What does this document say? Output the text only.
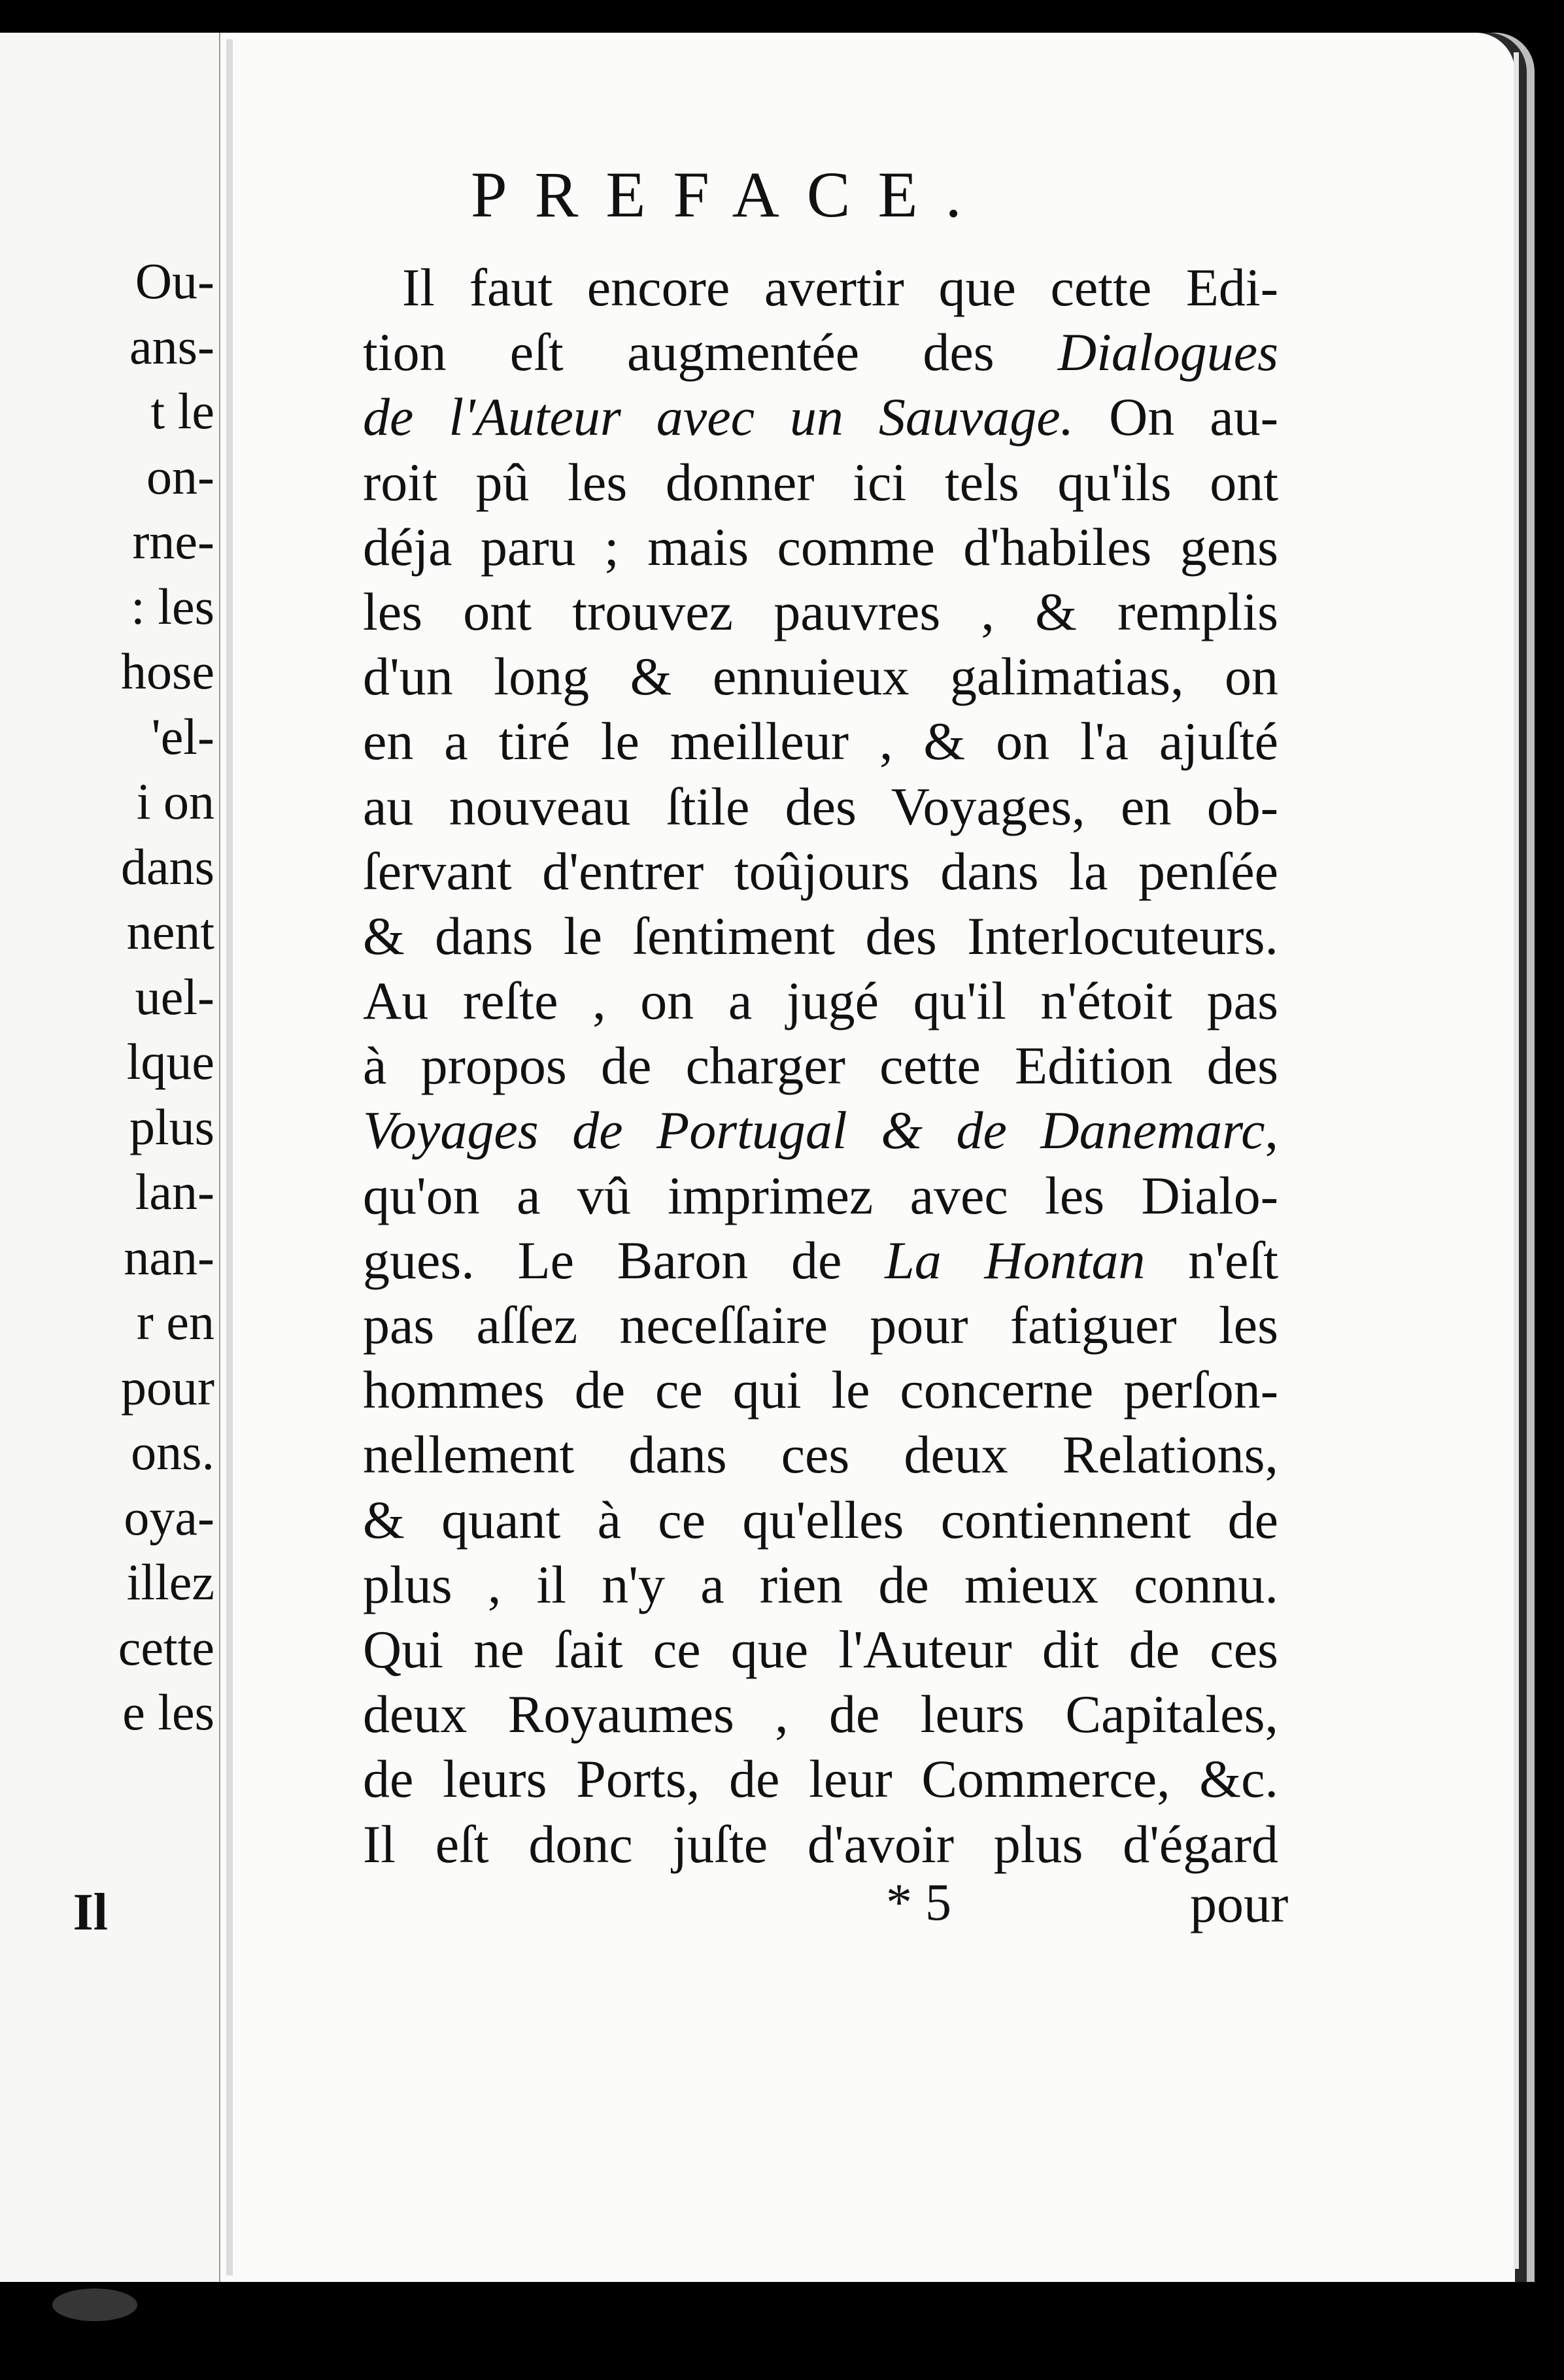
Ou-
ans-
t le
on-
rne-
: les
hose
'el-
i on
dans
nent
uel-
lque
plus
lan-
nan-
r en
pour
ons.
oya-
illez
cette
e les
Il
PREFACE.
Il faut encore avertir que cette Edi-
tion eſt augmentée des Dialogues
de l'Auteur avec un Sauvage. On au-
roit pû les donner ici tels qu'ils ont
déja paru ; mais comme d'habiles gens
les ont trouvez pauvres , & remplis
d'un long & ennuieux galimatias, on
en a tiré le meilleur , & on l'a ajuſté
au nouveau ſtile des Voyages, en ob-
ſervant d'entrer toûjours dans la penſée
& dans le ſentiment des Interlocuteurs.
Au reſte , on a jugé qu'il n'étoit pas
à propos de charger cette Edition des
Voyages de Portugal & de Danemarc,
qu'on a vû imprimez avec les Dialo-
gues. Le Baron de La Hontan n'eſt
pas aſſez neceſſaire pour fatiguer les
hommes de ce qui le concerne perſon-
nellement dans ces deux Relations,
& quant à ce qu'elles contiennent de
plus , il n'y a rien de mieux connu.
Qui ne ſait ce que l'Auteur dit de ces
deux Royaumes , de leurs Capitales,
de leurs Ports, de leur Commerce, &c.
Il eſt donc juſte d'avoir plus d'égard
* 5	pour
